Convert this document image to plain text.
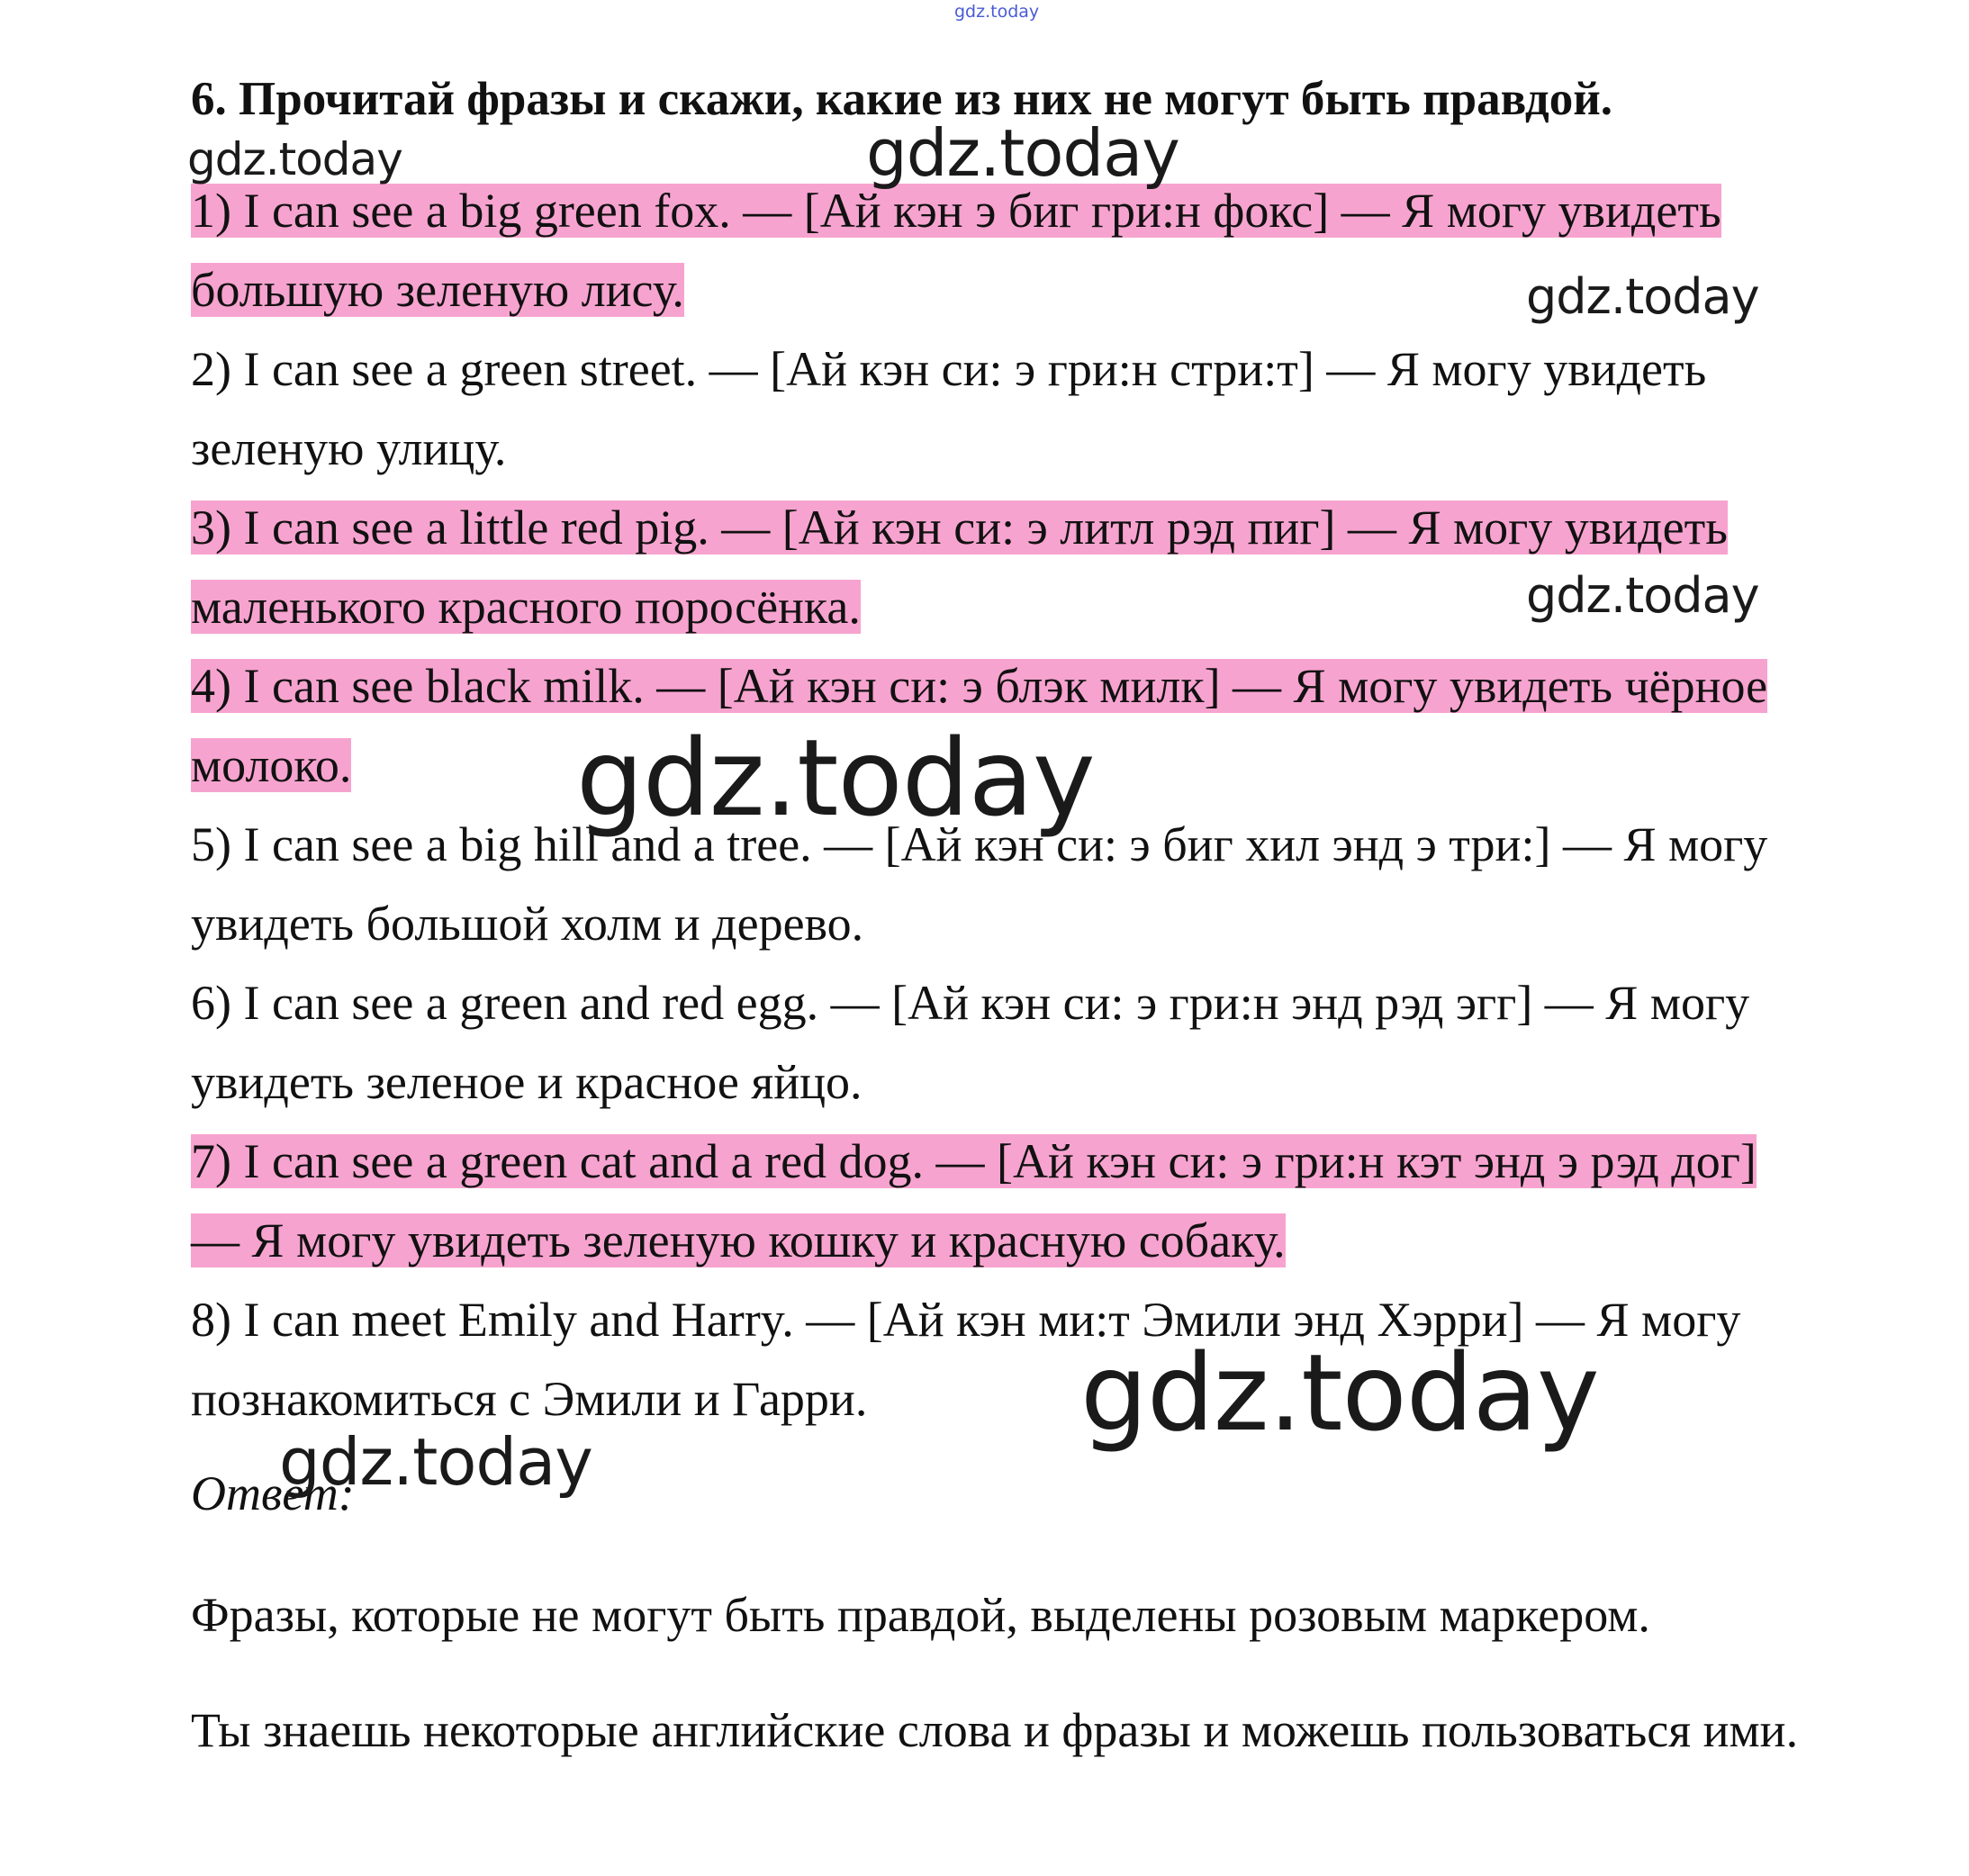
gdz.today
6. Прочитай фразы и скажи, какие из них не могут быть правдой.

1) I can see a big green fox. — [Ай кэн э биг гри:н фокс] — Я могу увидеть большую зеленую лису.

2) I can see a green street. — [Ай кэн си: э гри:н стри:т] — Я могу увидеть зеленую улицу.

3) I can see a little red pig. — [Ай кэн си: э литл рэд пиг] — Я могу увидеть маленького красного поросёнка.

4) I can see black milk. — [Ай кэн си: э блэк милк] — Я могу увидеть чёрное молоко.

5) I can see a big hill and a tree. — [Ай кэн си: э биг хил энд э три:] — Я могу увидеть большой холм и дерево.

6) I can see a green and red egg. — [Ай кэн си: э гри:н энд рэд эгг] — Я могу увидеть зеленое и красное яйцо.

7) I can see a green cat and a red dog. — [Ай кэн си: э гри:н кэт энд э рэд дог] — Я могу увидеть зеленую кошку и красную собаку.

8) I can meet Emily and Harry. — [Ай кэн ми:т Эмили энд Хэрри] — Я могу познакомиться с Эмили и Гарри.

Ответ:

Фразы, которые не могут быть правдой, выделены розовым маркером.

Ты знаешь некоторые английские слова и фразы и можешь пользоваться ими.

gdz.today	gdz.today
gdz.today
gdz.today
gdz.today
gdz.today
gdz.today
